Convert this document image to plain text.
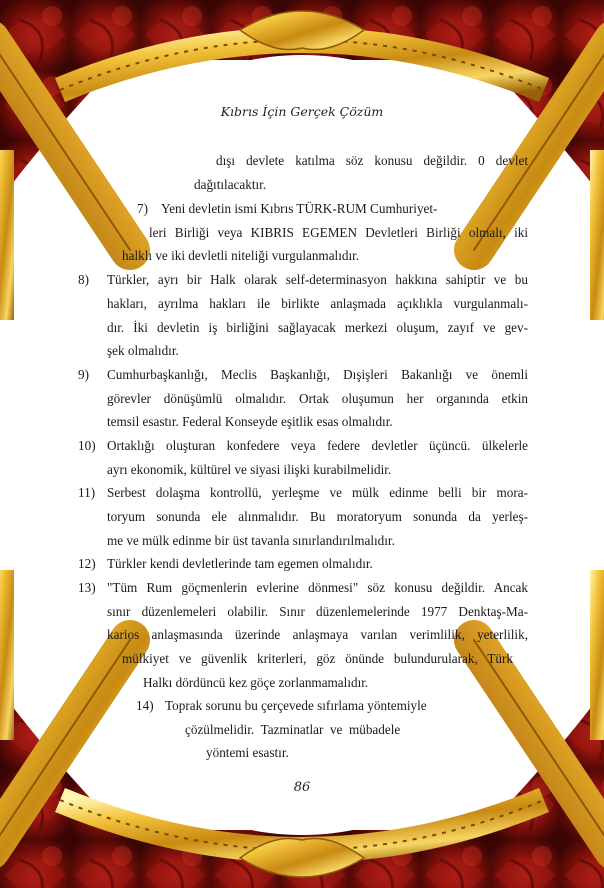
Kıbrıs İçin Gerçek Çözüm
dışı devlete katılma söz konusu değildir. 0 devlet
dağıtılacaktır.
7) Yeni devletin ismi Kıbrıs TÜRK-RUM Cumhuriyet-
leri Birliği veya KIBRIS EGEMEN Devletleri Birliği olmalı, iki
halklı ve iki devletli niteliği vurgulanmalıdır.
8) Türkler, ayrı bir Halk olarak self-determinasyon hakkına sahiptir ve bu
hakları, ayrılma hakları ile birlikte anlaşmada açıklıkla vurgulanmalı-
dır. İki devletin iş birliğini sağlayacak merkezi oluşum, zayıf ve gev-
şek olmalıdır.
9) Cumhurbaşkanlığı, Meclis Başkanlığı, Dışişleri Bakanlığı ve önemli
görevler dönüşümlü olmalıdır. Ortak oluşumun her organında etkin
temsil esastır. Federal Konseyde eşitlik esas olmalıdır.
10) Ortaklığı oluşturan konfedere veya federe devletler üçüncü. ülkelerle
ayrı ekonomik, kültürel ve siyasi ilişki kurabilmelidir.
11) Serbest dolaşma kontrollü, yerleşme ve mülk edinme belli bir mora-
toryum sonunda ele alınmalıdır. Bu moratoryum sonunda da yerleş-
me ve mülk edinme bir üst tavanla sınırlandırılmalıdır.
12) Türkler kendi devletlerinde tam egemen olmalıdır.
13) "Tüm Rum göçmenlerin evlerine dönmesi" söz konusu değildir. Ancak
sınır düzenlemeleri olabilir. Sınır düzenlemelerinde 1977 Denktaş-Ma-
karios anlaşmasında üzerinde anlaşmaya varılan verimlilik, yeterlilik,
mülkiyet ve güvenlik kriterleri, göz önünde bulundurularak, Türk
Halkı dördüncü kez göçe zorlanmamalıdır.
14) Toprak sorunu bu çerçevede sıfırlama yöntemiyle
çözülmelidir.  Tazminatlar  ve  mübadele
yöntemi esastır.
86
